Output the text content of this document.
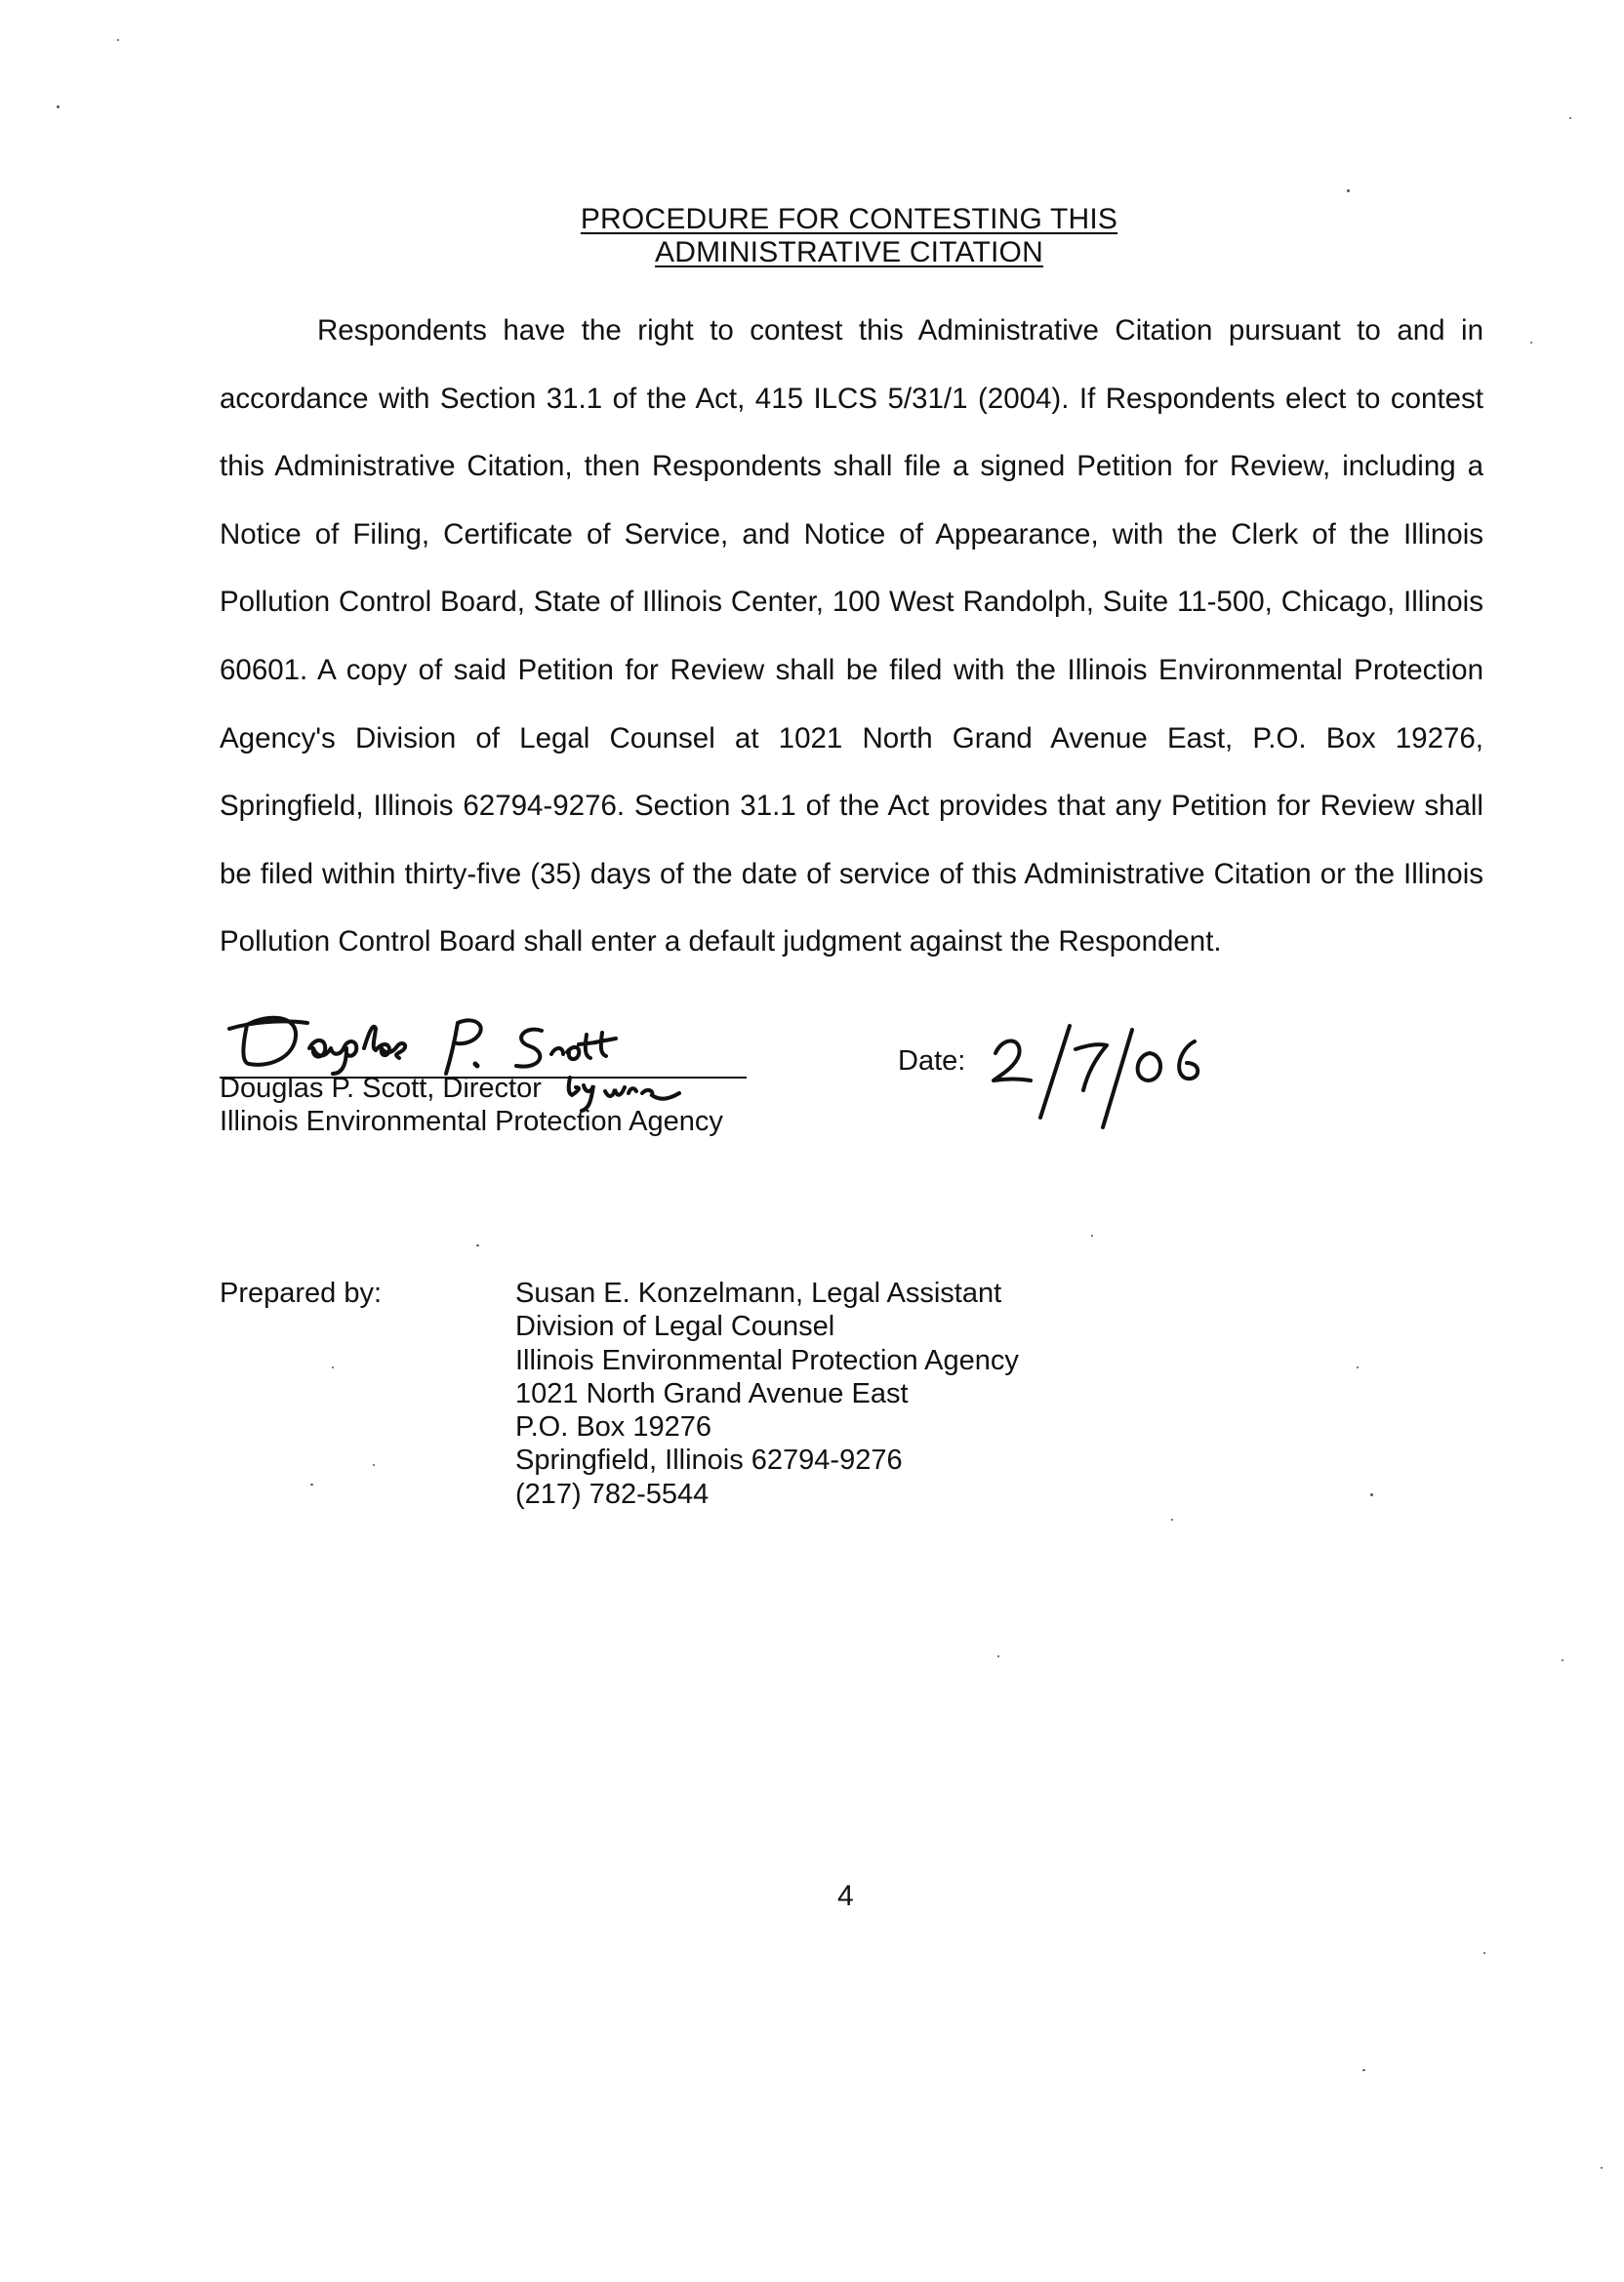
PROCEDURE FOR CONTESTING THIS
ADMINISTRATIVE CITATION

Respondents have the right to contest this Administrative Citation pursuant to and in accordance with Section 31.1 of the Act, 415 ILCS 5/31/1 (2004). If Respondents elect to contest this Administrative Citation, then Respondents shall file a signed Petition for Review, including a Notice of Filing, Certificate of Service, and Notice of Appearance, with the Clerk of the Illinois Pollution Control Board, State of Illinois Center, 100 West Randolph, Suite 11-500, Chicago, Illinois 60601. A copy of said Petition for Review shall be filed with the Illinois Environmental Protection Agency's Division of Legal Counsel at 1021 North Grand Avenue East, P.O. Box 19276, Springfield, Illinois 62794-9276. Section 31.1 of the Act provides that any Petition for Review shall be filed within thirty-five (35) days of the date of service of this Administrative Citation or the Illinois Pollution Control Board shall enter a default judgment against the Respondent.

Douglas P. Scott, Director
Illinois Environmental Protection Agency
Date:
Prepared by:	Susan E. Konzelmann, Legal Assistant
Division of Legal Counsel
Illinois Environmental Protection Agency
1021 North Grand Avenue East
P.O. Box 19276
Springfield, Illinois 62794-9276
(217) 782-5544
4
